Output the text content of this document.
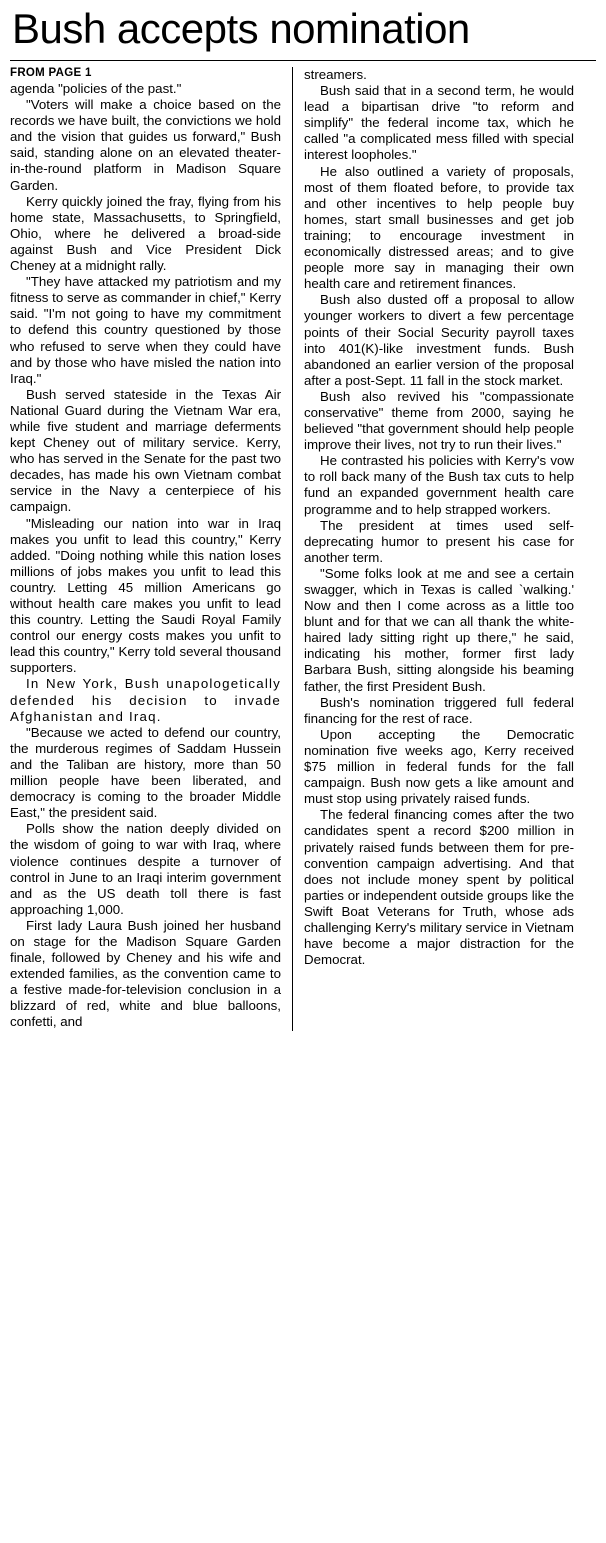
Bush accepts nomination
FROM PAGE 1

agenda "policies of the past."

"Voters will make a choice based on the records we have built, the convictions we hold and the vision that guides us forward," Bush said, standing alone on an elevated theater-in-the-round platform in Madison Square Garden.

Kerry quickly joined the fray, flying from his home state, Massachusetts, to Springfield, Ohio, where he delivered a broad-side against Bush and Vice President Dick Cheney at a midnight rally.

"They have attacked my patriotism and my fitness to serve as commander in chief," Kerry said. "I'm not going to have my commitment to defend this country questioned by those who refused to serve when they could have and by those who have misled the nation into Iraq."

Bush served stateside in the Texas Air National Guard during the Vietnam War era, while five student and marriage deferments kept Cheney out of military service. Kerry, who has served in the Senate for the past two decades, has made his own Vietnam combat service in the Navy a centerpiece of his campaign.

"Misleading our nation into war in Iraq makes you unfit to lead this country," Kerry added. "Doing nothing while this nation loses millions of jobs makes you unfit to lead this country. Letting 45 million Americans go without health care makes you unfit to lead this country. Letting the Saudi Royal Family control our energy costs makes you unfit to lead this country," Kerry told several thousand supporters.

In New York, Bush unapologetically defended his decision to invade Afghanistan and Iraq.

"Because we acted to defend our country, the murderous regimes of Saddam Hussein and the Taliban are history, more than 50 million people have been liberated, and democracy is coming to the broader Middle East," the president said.

Polls show the nation deeply divided on the wisdom of going to war with Iraq, where violence continues despite a turnover of control in June to an Iraqi interim government and as the US death toll there is fast approaching 1,000.

First lady Laura Bush joined her husband on stage for the Madison Square Garden finale, followed by Cheney and his wife and extended families, as the convention came to a festive made-for-television conclusion in a blizzard of red, white and blue balloons, confetti, and

streamers.

Bush said that in a second term, he would lead a bipartisan drive "to reform and simplify" the federal income tax, which he called "a complicated mess filled with special interest loopholes."

He also outlined a variety of proposals, most of them floated before, to provide tax and other incentives to help people buy homes, start small businesses and get job training; to encourage investment in economically distressed areas; and to give people more say in managing their own health care and retirement finances.

Bush also dusted off a proposal to allow younger workers to divert a few percentage points of their Social Security payroll taxes into 401(K)-like investment funds. Bush abandoned an earlier version of the proposal after a post-Sept. 11 fall in the stock market.

Bush also revived his "compassionate conservative" theme from 2000, saying he believed "that government should help people improve their lives, not try to run their lives."

He contrasted his policies with Kerry's vow to roll back many of the Bush tax cuts to help fund an expanded government health care programme and to help strapped workers.

The president at times used self-deprecating humor to present his case for another term.

"Some folks look at me and see a certain swagger, which in Texas is called `walking.' Now and then I come across as a little too blunt and for that we can all thank the white-haired lady sitting right up there," he said, indicating his mother, former first lady Barbara Bush, sitting alongside his beaming father, the first President Bush.

Bush's nomination triggered full federal financing for the rest of race.

Upon accepting the Democratic nomination five weeks ago, Kerry received $75 million in federal funds for the fall campaign. Bush now gets a like amount and must stop using privately raised funds.

The federal financing comes after the two candidates spent a record $200 million in privately raised funds between them for pre-convention campaign advertising. And that does not include money spent by political parties or independent outside groups like the Swift Boat Veterans for Truth, whose ads challenging Kerry's military service in Vietnam have become a major distraction for the Democrat.
